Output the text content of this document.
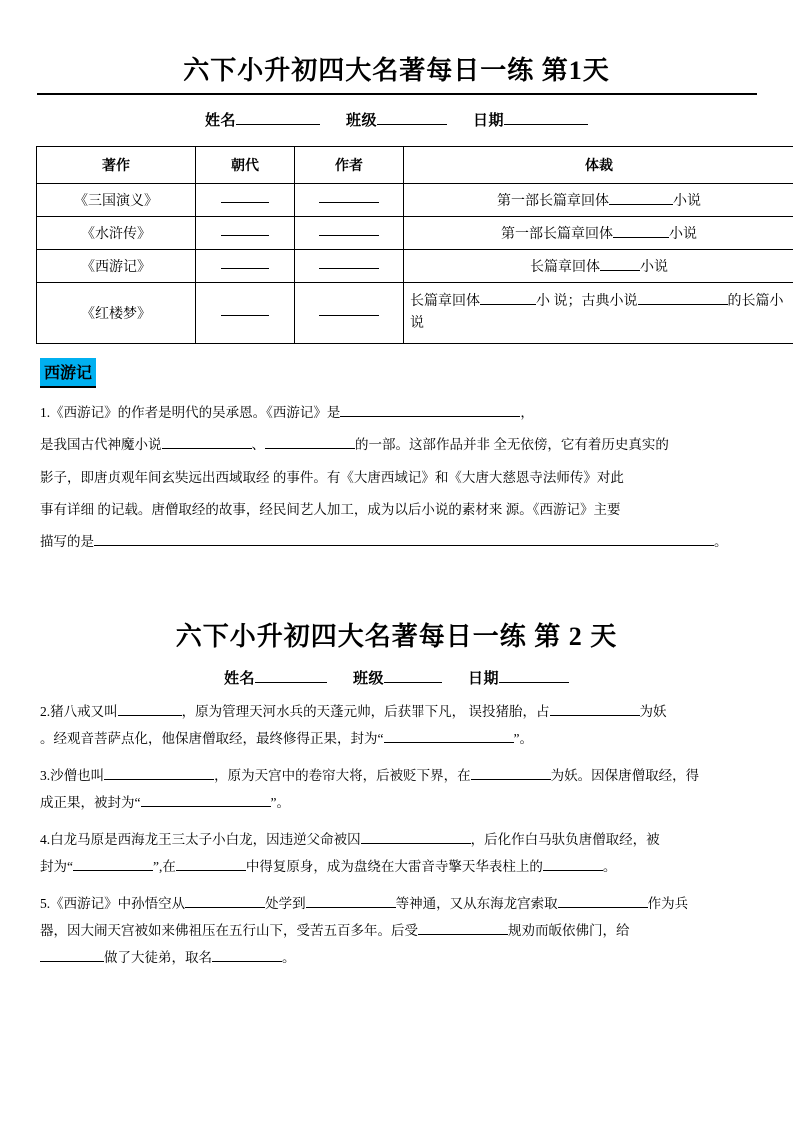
六下小升初四大名著每日一练 第1天
姓名	班级	日期
著作	朝代	作者	体裁
《三国演义》			第一部长篇章回体 小说
《水浒传》			第一部长篇章回体 小说
《西游记》			长篇章回体 小说
《红楼梦》			长篇章回体 小 说；古典小说 的长篇小说
西游记
1.《西游记》的作者是明代的吴承恩。《西游记》是	，
是我国古代神魔小说	、	的一部。这部作品并非 全无依傍，它有着历史真实的
影子，即唐贞观年间玄奘远出西域取经 的事件。有《大唐西域记》和《大唐大慈恩寺法师传》对此
事有详细 的记载。唐僧取经的故事，经民间艺人加工，成为以后小说的素材来 源。《西游记》主要
描写的是	。
六下小升初四大名著每日一练 第 2 天
姓名	班级	日期
2.猪八戒又叫	，原为管理天河水兵的天蓬元帅，后获罪下凡， 误投猪胎，占	为妖
。经观音菩萨点化，他保唐僧取经，最终修得正果，封为“	”。
3.沙僧也叫	，原为天宫中的卷帘大将，后被贬下界，在	为妖。因保唐僧取经，得
成正果，被封为“	”。
4.白龙马原是西海龙王三太子小白龙，因违逆父命被囚	，后化作白马驮负唐僧取经，被
封为“	”,在	中得复原身，成为盘绕在大雷音寺擎天华表柱上的	。
5.《西游记》中孙悟空从	处学到	等神通，又从东海龙宫索取	作为兵
器，因大闹天宫被如来佛祖压在五行山下，受苦五百多年。后受	规劝而皈依佛门，给
做了大徒弟，取名	。
